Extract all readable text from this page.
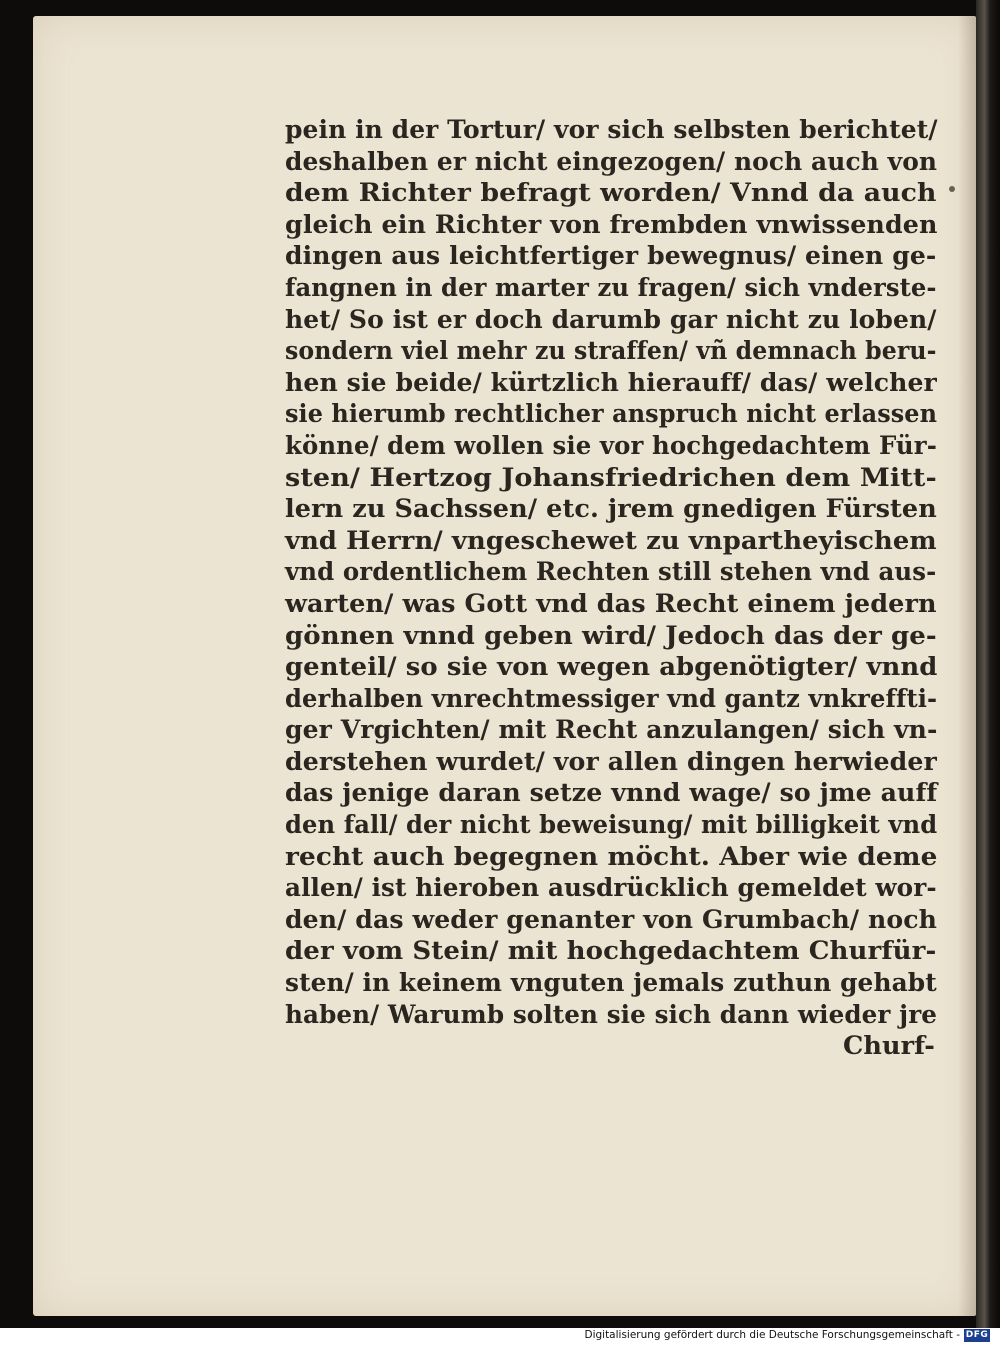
pein in der Tortur/ vor sich selbsten berichtet/
deshalben er nicht eingezogen/ noch auch von
dem Richter befragt worden/ Vnnd da auch
gleich ein Richter von frembden vnwissenden
dingen aus leichtfertiger bewegnus/ einen ge-
fangnen in der marter zu fragen/ sich vnderste-
het/ So ist er doch darumb gar nicht zu loben/
sondern viel mehr zu straffen/ vñ demnach beru-
hen sie beide/ kürtzlich hierauff/ das/ welcher
sie hierumb rechtlicher anspruch nicht erlassen
könne/ dem wollen sie vor hochgedachtem Für-
sten/ Hertzog Johansfriedrichen dem Mitt-
lern zu Sachssen/ etc. jrem gnedigen Fürsten
vnd Herrn/ vngeschewet zu vnpartheyischem
vnd ordentlichem Rechten still stehen vnd aus-
warten/ was Gott vnd das Recht einem jedern
gönnen vnnd geben wird/ Jedoch das der ge-
genteil/ so sie von wegen abgenötigter/ vnnd
derhalben vnrechtmessiger vnd gantz vnkreffti-
ger Vrgichten/ mit Recht anzulangen/ sich vn-
derstehen wurdet/ vor allen dingen herwieder
das jenige daran setze vnnd wage/ so jme auff
den fall/ der nicht beweisung/ mit billigkeit vnd
recht auch begegnen möcht. Aber wie deme
allen/ ist hieroben ausdrücklich gemeldet wor-
den/ das weder genanter von Grumbach/ noch
der vom Stein/ mit hochgedachtem Churfür-
sten/ in keinem vnguten jemals zuthun gehabt
haben/ Warumb solten sie sich dann wieder jre
Churf-
Digitalisierung gefördert durch die Deutsche Forschungsgemeinschaft - DFG
